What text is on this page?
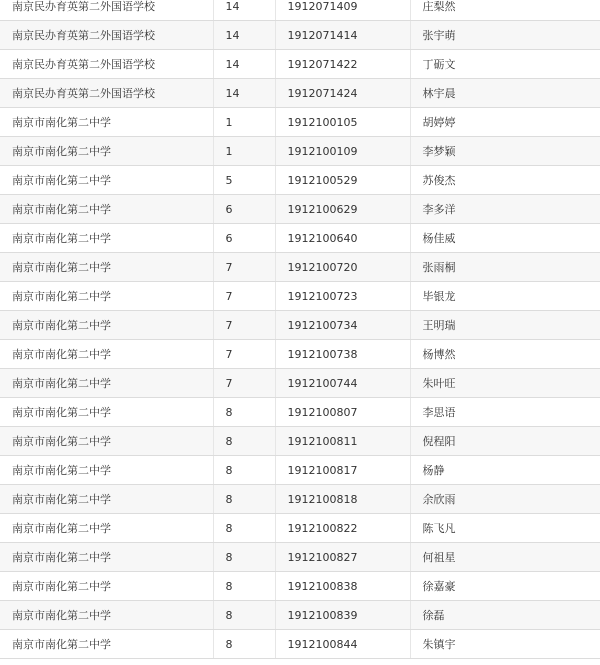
南京民办育英第二外国语学校	14	1912071409	庄梨然
南京民办育英第二外国语学校	14	1912071414	张宇萌
南京民办育英第二外国语学校	14	1912071422	丁砺文
南京民办育英第二外国语学校	14	1912071424	林宇晨
南京市南化第二中学	1	1912100105	胡婷婷
南京市南化第二中学	1	1912100109	李梦颖
南京市南化第二中学	5	1912100529	苏俊杰
南京市南化第二中学	6	1912100629	李多洋
南京市南化第二中学	6	1912100640	杨佳威
南京市南化第二中学	7	1912100720	张雨桐
南京市南化第二中学	7	1912100723	毕银龙
南京市南化第二中学	7	1912100734	王明瑞
南京市南化第二中学	7	1912100738	杨博然
南京市南化第二中学	7	1912100744	朱叶旺
南京市南化第二中学	8	1912100807	李思语
南京市南化第二中学	8	1912100811	倪程阳
南京市南化第二中学	8	1912100817	杨静
南京市南化第二中学	8	1912100818	余欣雨
南京市南化第二中学	8	1912100822	陈飞凡
南京市南化第二中学	8	1912100827	何祖星
南京市南化第二中学	8	1912100838	徐嘉豪
南京市南化第二中学	8	1912100839	徐磊
南京市南化第二中学	8	1912100844	朱镇宇
